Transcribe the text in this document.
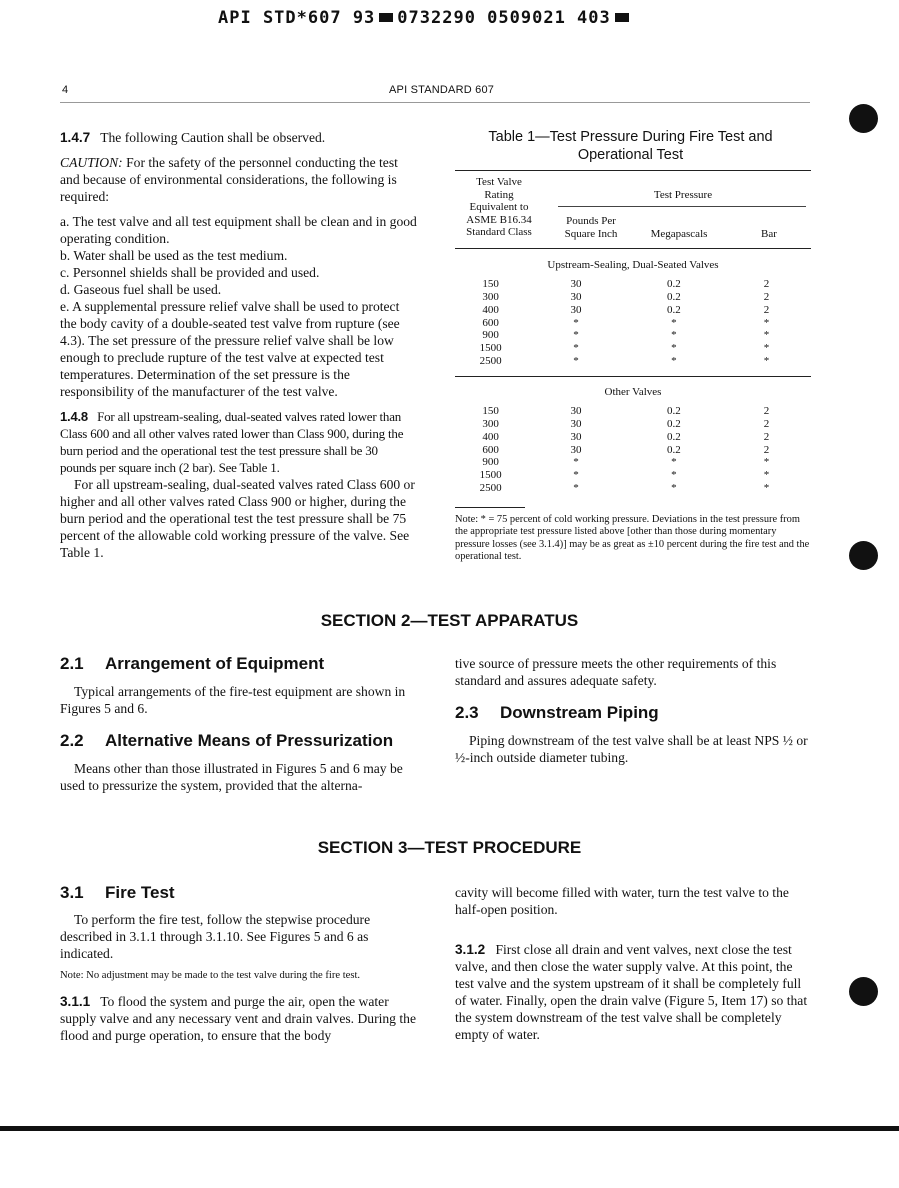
API STD*607 93 0732290 0509021 403
4	API STANDARD 607

1.4.7 The following Caution shall be observed.

CAUTION: For the safety of the personnel conducting the test and because of environmental considerations, the following is required:

a. The test valve and all test equipment shall be clean and in good operating condition.

b. Water shall be used as the test medium.

c. Personnel shields shall be provided and used.

d. Gaseous fuel shall be used.

e. A supplemental pressure relief valve shall be used to protect the body cavity of a double-seated test valve from rupture (see 4.3). The set pressure of the pressure relief valve shall be low enough to preclude rupture of the test valve at expected test temperatures. Determination of the set pressure is the responsibility of the manufacturer of the test valve.

1.4.8 For all upstream-sealing, dual-seated valves rated lower than Class 600 and all other valves rated lower than Class 900, during the burn period and the operational test the test pressure shall be 30 pounds per square inch (2 bar). See Table 1.

For all upstream-sealing, dual-seated valves rated Class 600 or higher and all other valves rated Class 900 or higher, during the burn period and the operational test the test pressure shall be 75 percent of the allowable cold working pressure of the valve. See Table 1.

Table 1—Test Pressure During Fire Test and Operational Test
Test Valve
Rating
Equivalent to
ASME B16.34
Standard Class
Test Pressure
Pounds Per
Square Inch	Megapascals	Bar
Upstream-Sealing, Dual-Seated Valves
150	30	0.2	2
300	30	0.2	2
400	30	0.2	2
600	*	*	*
900	*	*	*
1500	*	*	*
2500	*	*	*
Other Valves
150	30	0.2	2
300	30	0.2	2
400	30	0.2	2
600	30	0.2	2
900	*	*	*
1500	*	*	*
2500	*	*	*
Note: * = 75 percent of cold working pressure. Deviations in the test pressure from the appropriate test pressure listed above [other than those during momentary pressure losses (see 3.1.4)] may be as great as ±10 percent during the fire test and the operational test.
SECTION 2—TEST APPARATUS
2.1 Arrangement of Equipment

Typical arrangements of the fire-test equipment are shown in Figures 5 and 6.

2.2 Alternative Means of Pressurization

Means other than those illustrated in Figures 5 and 6 may be used to pressurize the system, provided that the alterna-

tive source of pressure meets the other requirements of this standard and assures adequate safety.

2.3 Downstream Piping

Piping downstream of the test valve shall be at least NPS ½ or ½-inch outside diameter tubing.

SECTION 3—TEST PROCEDURE
3.1 Fire Test

To perform the fire test, follow the stepwise procedure described in 3.1.1 through 3.1.10. See Figures 5 and 6 as indicated.

Note: No adjustment may be made to the test valve during the fire test.

3.1.1 To flood the system and purge the air, open the water supply valve and any necessary vent and drain valves. During the flood and purge operation, to ensure that the body

cavity will become filled with water, turn the test valve to the half-open position.

3.1.2 First close all drain and vent valves, next close the test valve, and then close the water supply valve. At this point, the test valve and the system upstream of it shall be completely full of water. Finally, open the drain valve (Figure 5, Item 17) so that the system downstream of the test valve shall be completely empty of water.
